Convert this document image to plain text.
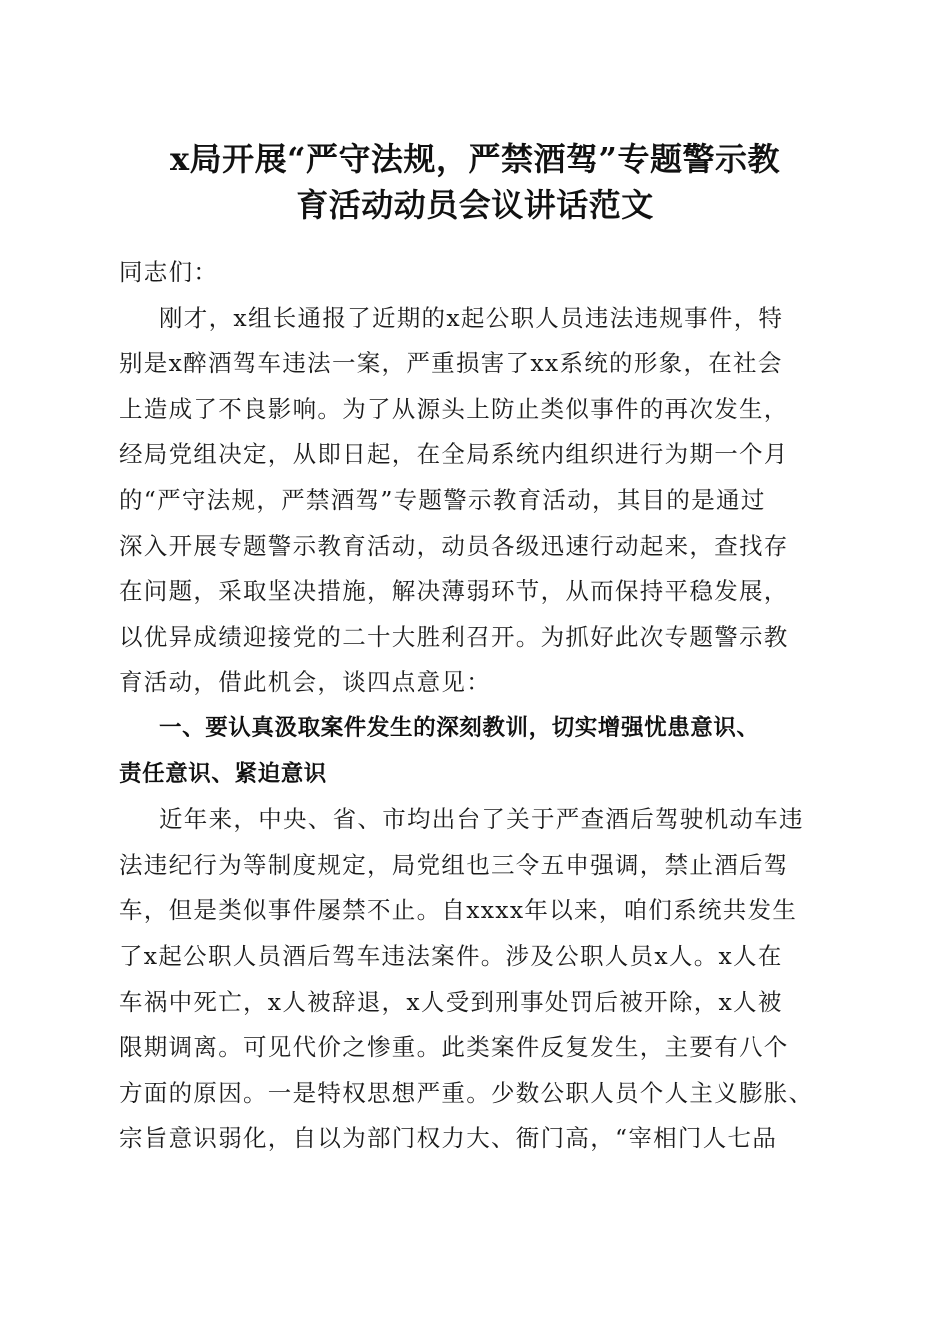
x局开展“严守法规，严禁酒驾”专题警示教
育活动动员会议讲话范文
同志们：
刚才，x组长通报了近期的x起公职人员违法违规事件，特
别是x醉酒驾车违法一案，严重损害了xx系统的形象，在社会
上造成了不良影响。为了从源头上防止类似事件的再次发生，
经局党组决定，从即日起，在全局系统内组织进行为期一个月
的“严守法规，严禁酒驾”专题警示教育活动，其目的是通过
深入开展专题警示教育活动，动员各级迅速行动起来，查找存
在问题，采取坚决措施，解决薄弱环节，从而保持平稳发展，
以优异成绩迎接党的二十大胜利召开。为抓好此次专题警示教
育活动，借此机会，谈四点意见：
一、要认真汲取案件发生的深刻教训，切实增强忧患意识、
责任意识、紧迫意识
近年来，中央、省、市均出台了关于严查酒后驾驶机动车违
法违纪行为等制度规定，局党组也三令五申强调，禁止酒后驾
车，但是类似事件屡禁不止。自xxxx年以来，咱们系统共发生
了x起公职人员酒后驾车违法案件。涉及公职人员x人。x人在
车祸中死亡，x人被辞退，x人受到刑事处罚后被开除，x人被
限期调离。可见代价之惨重。此类案件反复发生，主要有八个
方面的原因。一是特权思想严重。少数公职人员个人主义膨胀、
宗旨意识弱化，自以为部门权力大、衙门高，“宰相门人七品
